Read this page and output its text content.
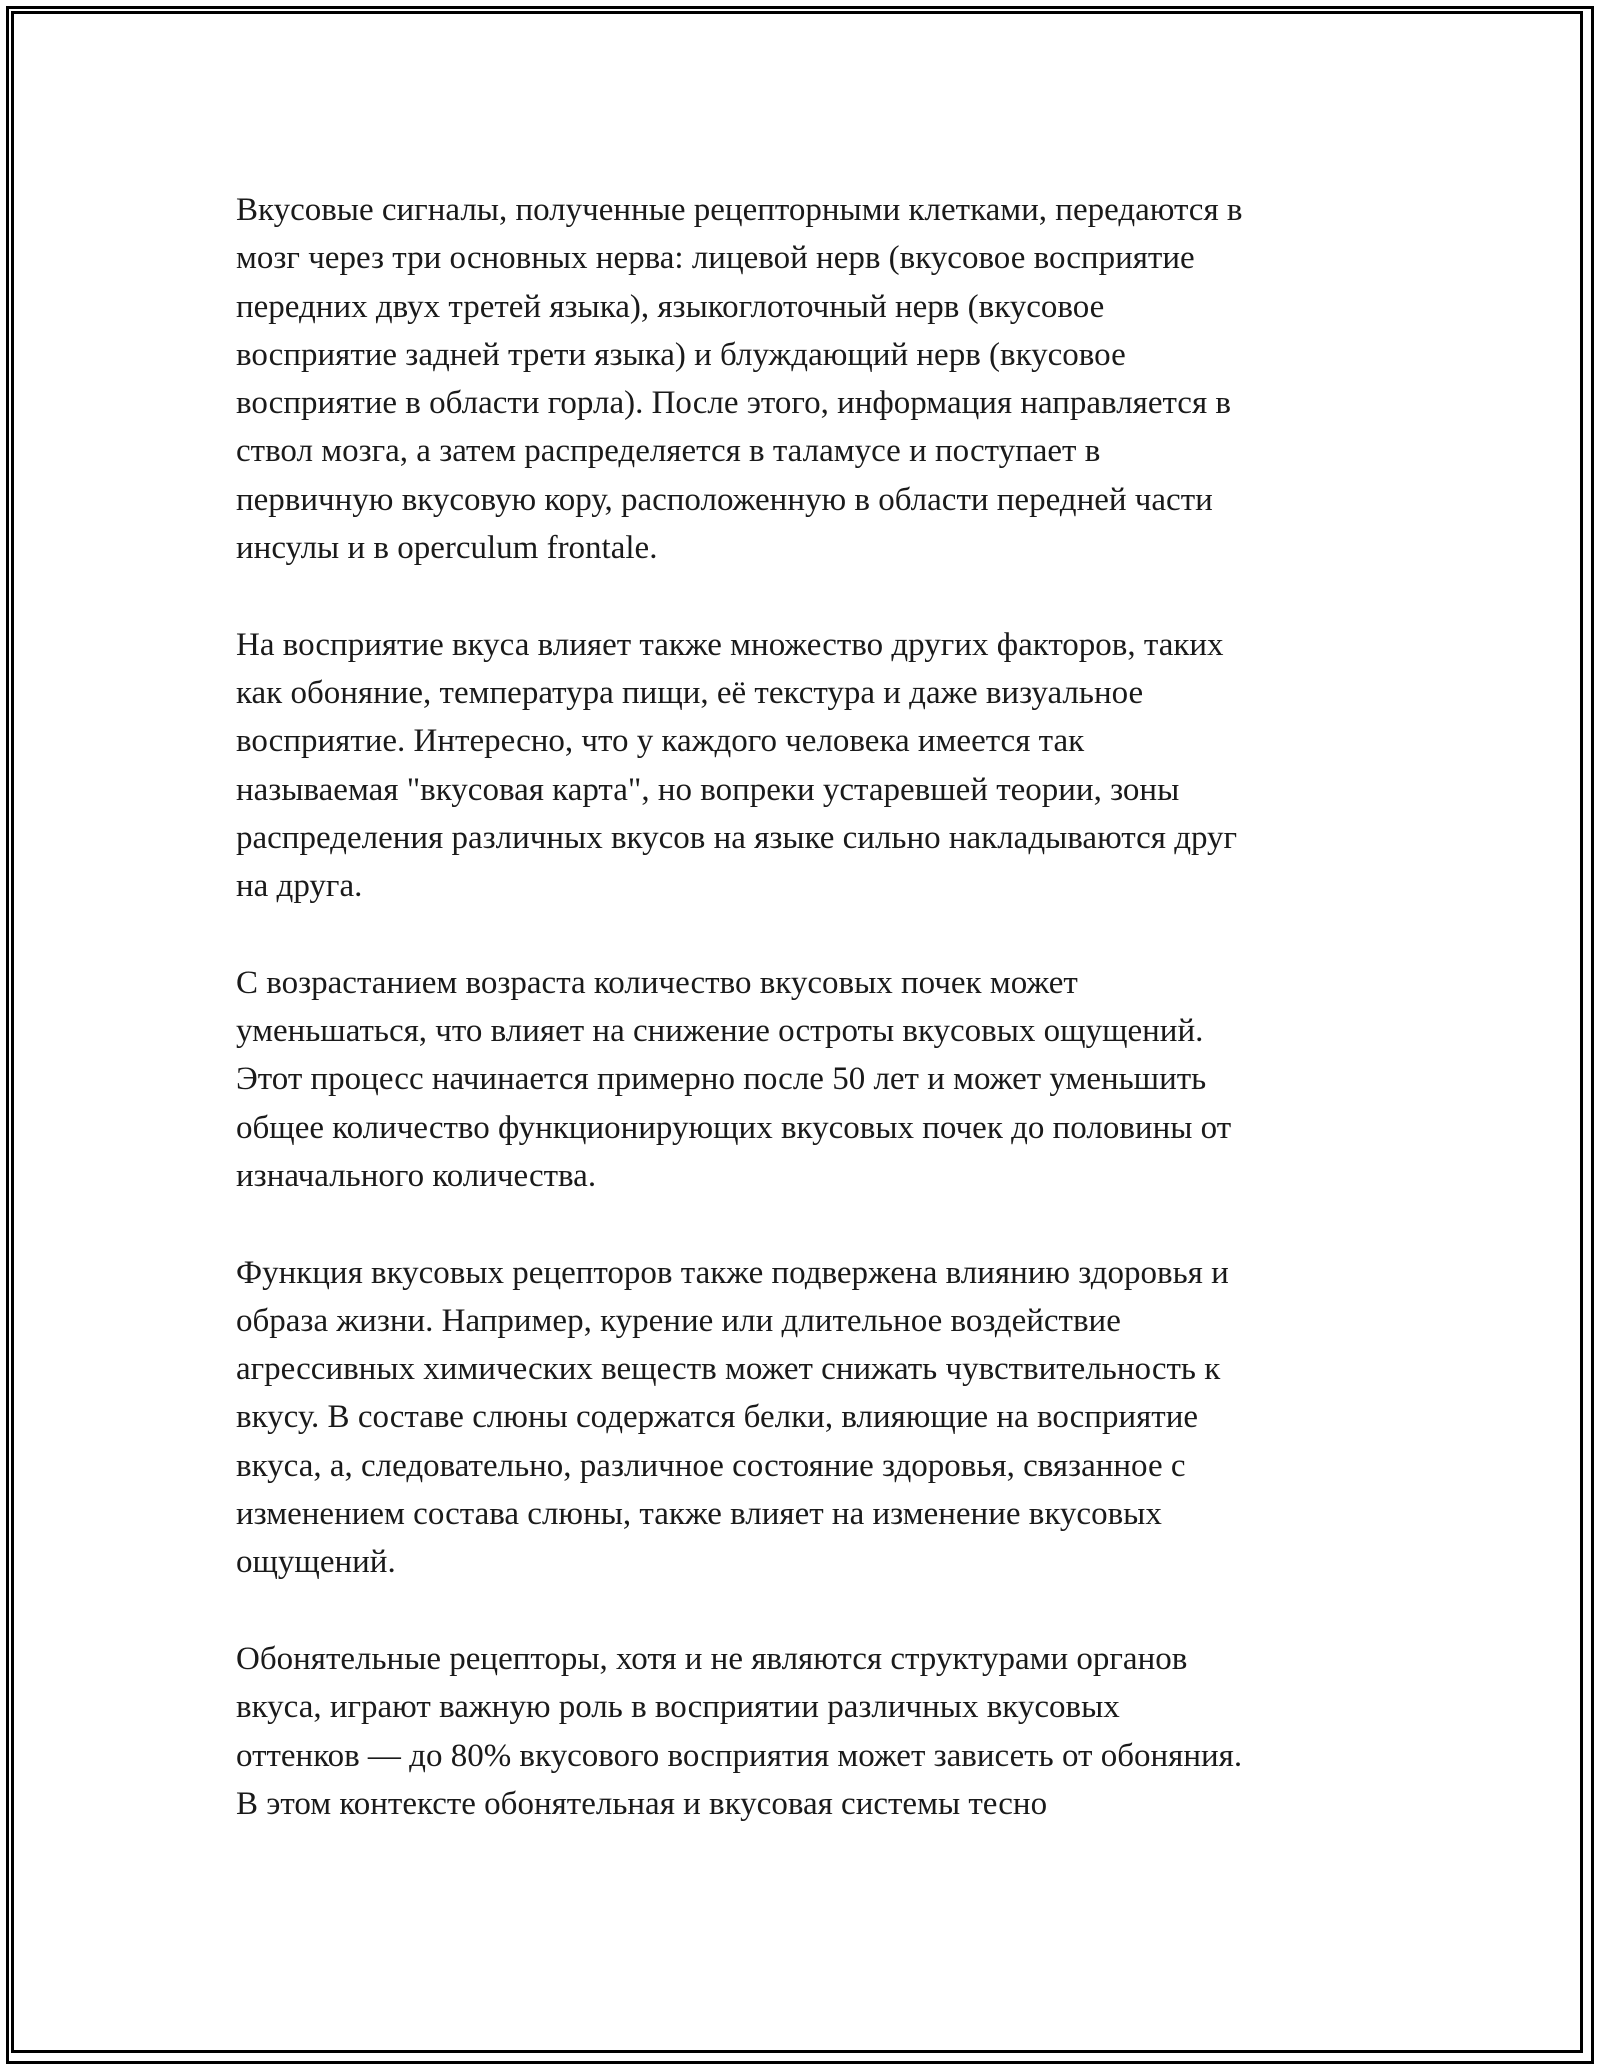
Вкусовые сигналы, полученные рецепторными клетками, передаются в
мозг через три основных нерва: лицевой нерв (вкусовое восприятие
передних двух третей языка), языкоглоточный нерв (вкусовое
восприятие задней трети языка) и блуждающий нерв (вкусовое
восприятие в области горла). После этого, информация направляется в
ствол мозга, а затем распределяется в таламусе и поступает в
первичную вкусовую кору, расположенную в области передней части
инсулы и в operculum frontale.
На восприятие вкуса влияет также множество других факторов, таких
как обоняние, температура пищи, её текстура и даже визуальное
восприятие. Интересно, что у каждого человека имеется так
называемая "вкусовая карта", но вопреки устаревшей теории, зоны
распределения различных вкусов на языке сильно накладываются друг
на друга.
С возрастанием возраста количество вкусовых почек может
уменьшаться, что влияет на снижение остроты вкусовых ощущений.
Этот процесс начинается примерно после 50 лет и может уменьшить
общее количество функционирующих вкусовых почек до половины от
изначального количества.
Функция вкусовых рецепторов также подвержена влиянию здоровья и
образа жизни. Например, курение или длительное воздействие
агрессивных химических веществ может снижать чувствительность к
вкусу. В составе слюны содержатся белки, влияющие на восприятие
вкуса, а, следовательно, различное состояние здоровья, связанное с
изменением состава слюны, также влияет на изменение вкусовых
ощущений.
Обонятельные рецепторы, хотя и не являются структурами органов
вкуса, играют важную роль в восприятии различных вкусовых
оттенков — до 80% вкусового восприятия может зависеть от обоняния.
В этом контексте обонятельная и вкусовая системы тесно
